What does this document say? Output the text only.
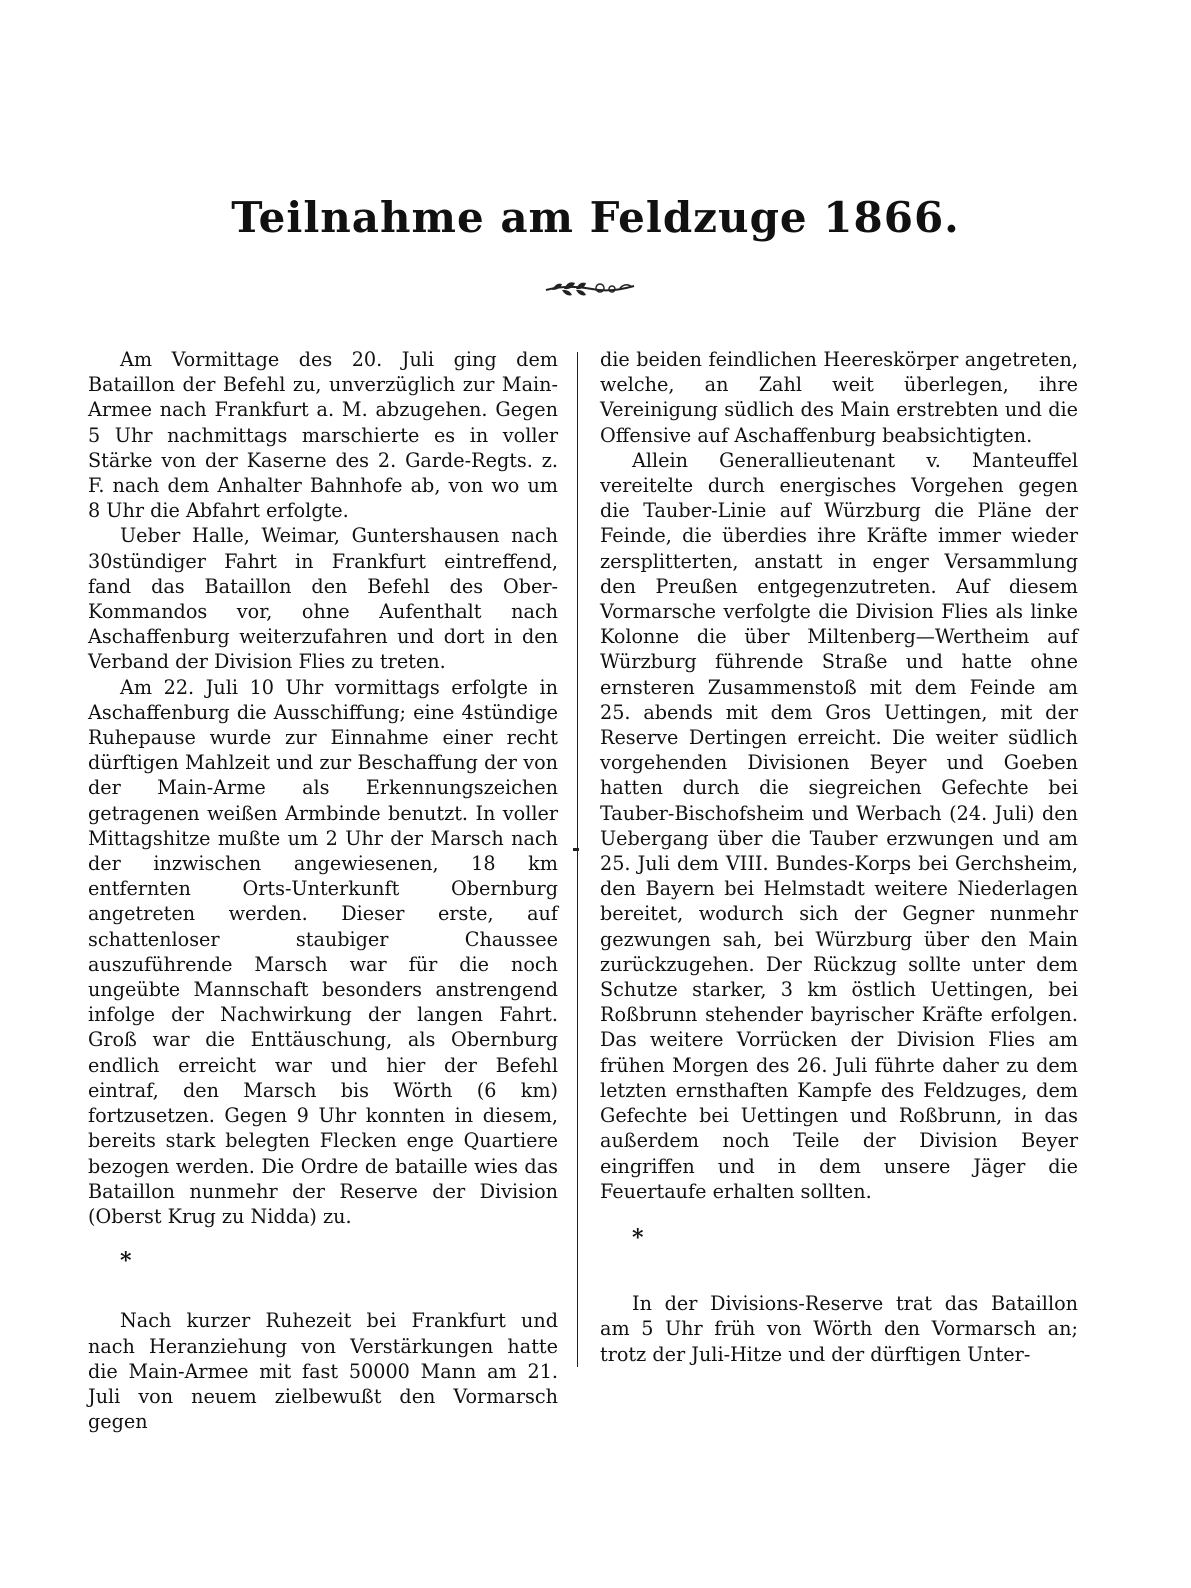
Teilnahme am Feldzuge 1866.

Am Vormittage des 20. Juli ging dem Bataillon der Befehl zu, unverzüglich zur Main-Armee nach Frankfurt a. M. abzugehen. Gegen 5 Uhr nachmittags marschierte es in voller Stärke von der Kaserne des 2. Garde-Regts. z. F. nach dem Anhalter Bahnhofe ab, von wo um 8 Uhr die Abfahrt erfolgte.

Ueber Halle, Weimar, Guntershausen nach 30stündiger Fahrt in Frankfurt eintreffend, fand das Bataillon den Befehl des Ober-Kommandos vor, ohne Aufenthalt nach Aschaffenburg weiterzufahren und dort in den Verband der Division Flies zu treten.

Am 22. Juli 10 Uhr vormittags erfolgte in Aschaffenburg die Ausschiffung; eine 4stündige Ruhepause wurde zur Einnahme einer recht dürftigen Mahlzeit und zur Beschaffung der von der Main-Arme als Erkennungszeichen getragenen weißen Armbinde benutzt. In voller Mittagshitze mußte um 2 Uhr der Marsch nach der inzwischen angewiesenen, 18 km entfernten Orts-Unterkunft Obernburg angetreten werden. Dieser erste, auf schattenloser staubiger Chaussee auszuführende Marsch war für die noch ungeübte Mannschaft besonders anstrengend infolge der Nachwirkung der langen Fahrt. Groß war die Enttäuschung, als Obernburg endlich erreicht war und hier der Befehl eintraf, den Marsch bis Wörth (6 km) fortzusetzen. Gegen 9 Uhr konnten in diesem, bereits stark belegten Flecken enge Quartiere bezogen werden. Die Ordre de bataille wies das Bataillon nunmehr der Reserve der Division (Oberst Krug zu Nidda) zu.

*

Nach kurzer Ruhezeit bei Frankfurt und nach Heranziehung von Verstärkungen hatte die Main-Armee mit fast 50000 Mann am 21. Juli von neuem zielbewußt den Vormarsch gegen

die beiden feindlichen Heereskörper angetreten, welche, an Zahl weit überlegen, ihre Vereinigung südlich des Main erstrebten und die Offensive auf Aschaffenburg beabsichtigten.

Allein Generallieutenant v. Manteuffel vereitelte durch energisches Vorgehen gegen die Tauber-Linie auf Würzburg die Pläne der Feinde, die überdies ihre Kräfte immer wieder zersplitterten, anstatt in enger Versammlung den Preußen entgegenzutreten. Auf diesem Vormarsche verfolgte die Division Flies als linke Kolonne die über Miltenberg—Wertheim auf Würzburg führende Straße und hatte ohne ernsteren Zusammenstoß mit dem Feinde am 25. abends mit dem Gros Uettingen, mit der Reserve Dertingen erreicht. Die weiter südlich vorgehenden Divisionen Beyer und Goeben hatten durch die siegreichen Gefechte bei Tauber-Bischofsheim und Werbach (24. Juli) den Uebergang über die Tauber erzwungen und am 25. Juli dem VIII. Bundes-Korps bei Gerchsheim, den Bayern bei Helmstadt weitere Niederlagen bereitet, wodurch sich der Gegner nunmehr gezwungen sah, bei Würzburg über den Main zurückzugehen. Der Rückzug sollte unter dem Schutze starker, 3 km östlich Uettingen, bei Roßbrunn stehender bayrischer Kräfte erfolgen. Das weitere Vorrücken der Division Flies am frühen Morgen des 26. Juli führte daher zu dem letzten ernsthaften Kampfe des Feldzuges, dem Gefechte bei Uettingen und Roßbrunn, in das außerdem noch Teile der Division Beyer eingriffen und in dem unsere Jäger die Feuertaufe erhalten sollten.

*

In der Divisions-Reserve trat das Bataillon am 5 Uhr früh von Wörth den Vormarsch an; trotz der Juli-Hitze und der dürftigen Unter-
